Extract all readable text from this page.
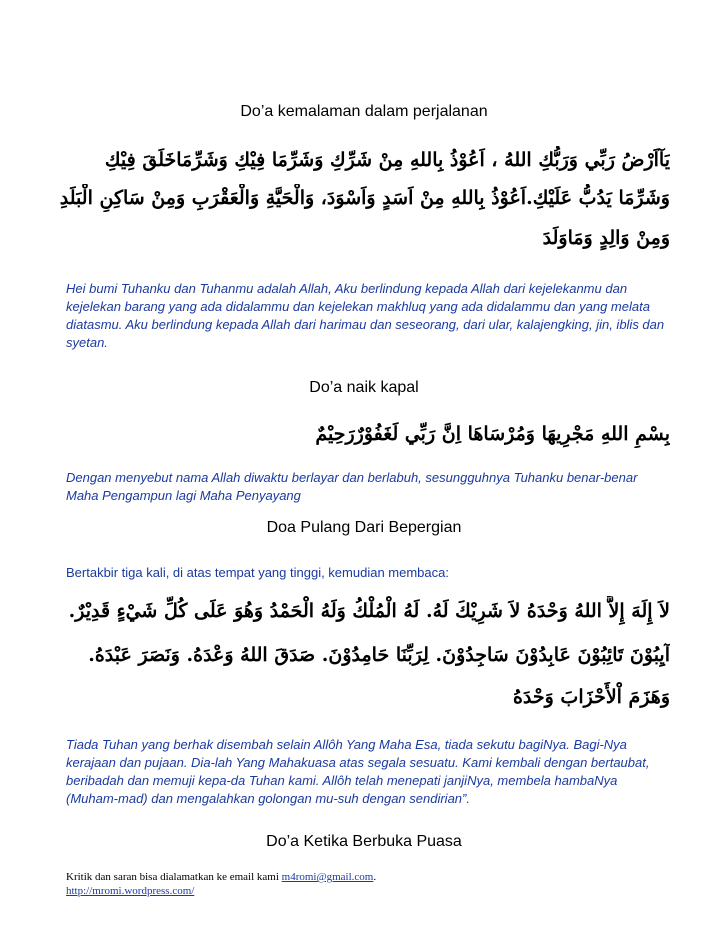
Do’a kemalaman dalam perjalanan
يَآاَرْضُ رَبِّي وَرَبُّكِ اللهُ ، اَعُوْذُ بِاللهِ مِنْ شَرِّكِ وَشَرِّمَا فِيْكِ وَشَرِّمَاخَلَقَ فِيْكِ
وَشَرِّمَا يَدُبُّ عَلَيْكِ.اَعُوْذُ بِاللهِ مِنْ اَسَدٍ وَاَسْوَدَ، وَالْحَيَّةِ وَالْعَقْرَبِ وَمِنْ سَاكِنِ الْبَلَدِ
وَمِنْ وَالِدٍ وَمَاوَلَدَ
Hei bumi Tuhanku dan Tuhanmu adalah Allah, Aku berlindung kepada Allah dari kejelekanmu dan kejelekan barang yang ada didalammu dan kejelekan makhluq yang ada didalammu dan yang melata diatasmu. Aku berlindung kepada Allah dari harimau dan seseorang, dari ular, kalajengking, jin, iblis dan syetan.
Do’a naik kapal
بِسْمِ اللهِ مَجْرِيهَا وَمُرْسَاهَا اِنَّ رَبِّي لَغَفُوْرٌرَحِيْمٌ
Dengan menyebut nama Allah diwaktu berlayar dan berlabuh, sesungguhnya Tuhanku benar-benar Maha Pengampun lagi Maha Penyayang
Doa Pulang Dari Bepergian
Bertakbir tiga kali, di atas tempat yang tinggi, kemudian membaca:
لاَ إِلَهَ إِلاَّ اللهُ وَحْدَهُ لاَ شَرِيْكَ لَهُ. لَهُ الْمُلْكُ وَلَهُ الْحَمْدُ وَهُوَ عَلَى كُلِّ شَيْءٍ قَدِيْرٌ.
آيِبُوْنَ تَائِبُوْنَ عَابِدُوْنَ سَاجِدُوْنَ. لِرَبِّنَا حَامِدُوْنَ. صَدَقَ اللهُ وَعْدَهُ. وَنَصَرَ عَبْدَهُ.
وَهَزَمَ اْلأَحْزَابَ وَحْدَهُ
Tiada Tuhan yang berhak disembah selain Allôh Yang Maha Esa, tiada sekutu bagiNya. Bagi-Nya kerajaan dan pujaan. Dia-lah Yang Mahakuasa atas segala sesuatu. Kami kembali dengan bertaubat, beribadah dan memuji kepa-da Tuhan kami. Allôh telah menepati janjiNya, membela hambaNya (Muham-mad) dan mengalahkan golongan mu-suh dengan sendirian”.
Do’a Ketika Berbuka Puasa
Kritik dan saran bisa dialamatkan ke email kami m4romi@gmail.com.
http://mromi.wordpress.com/
